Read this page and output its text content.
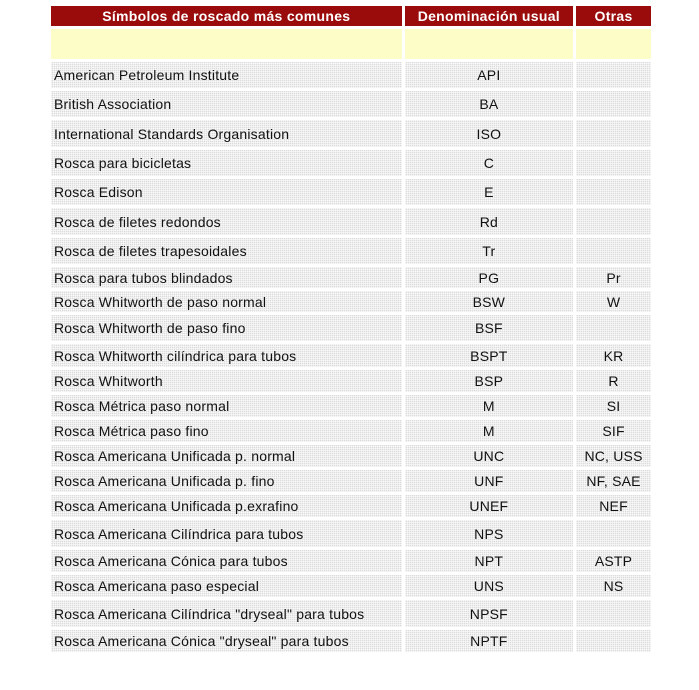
Símbolos de roscado más comunes	Denominación usual	Otras

American Petroleum Institute	API	
British Association	BA	
International Standards Organisation	ISO	
Rosca para bicicletas	C	
Rosca Edison	E	
Rosca de filetes redondos	Rd	
Rosca de filetes trapesoidales	Tr	
Rosca para tubos blindados	PG	Pr
Rosca Whitworth de paso normal	BSW	W
Rosca Whitworth de paso fino	BSF	
Rosca Whitworth cilíndrica para tubos	BSPT	KR
Rosca Whitworth	BSP	R
Rosca Métrica paso normal	M	SI
Rosca Métrica paso fino	M	SIF
Rosca Americana Unificada p. normal	UNC	NC, USS
Rosca Americana Unificada p. fino	UNF	NF, SAE
Rosca Americana Unificada p.exrafino	UNEF	NEF
Rosca Americana Cilíndrica para tubos	NPS	
Rosca Americana Cónica para tubos	NPT	ASTP
Rosca Americana paso especial	UNS	NS
Rosca Americana Cilíndrica "dryseal" para tubos	NPSF	
Rosca Americana Cónica "dryseal" para tubos	NPTF	
